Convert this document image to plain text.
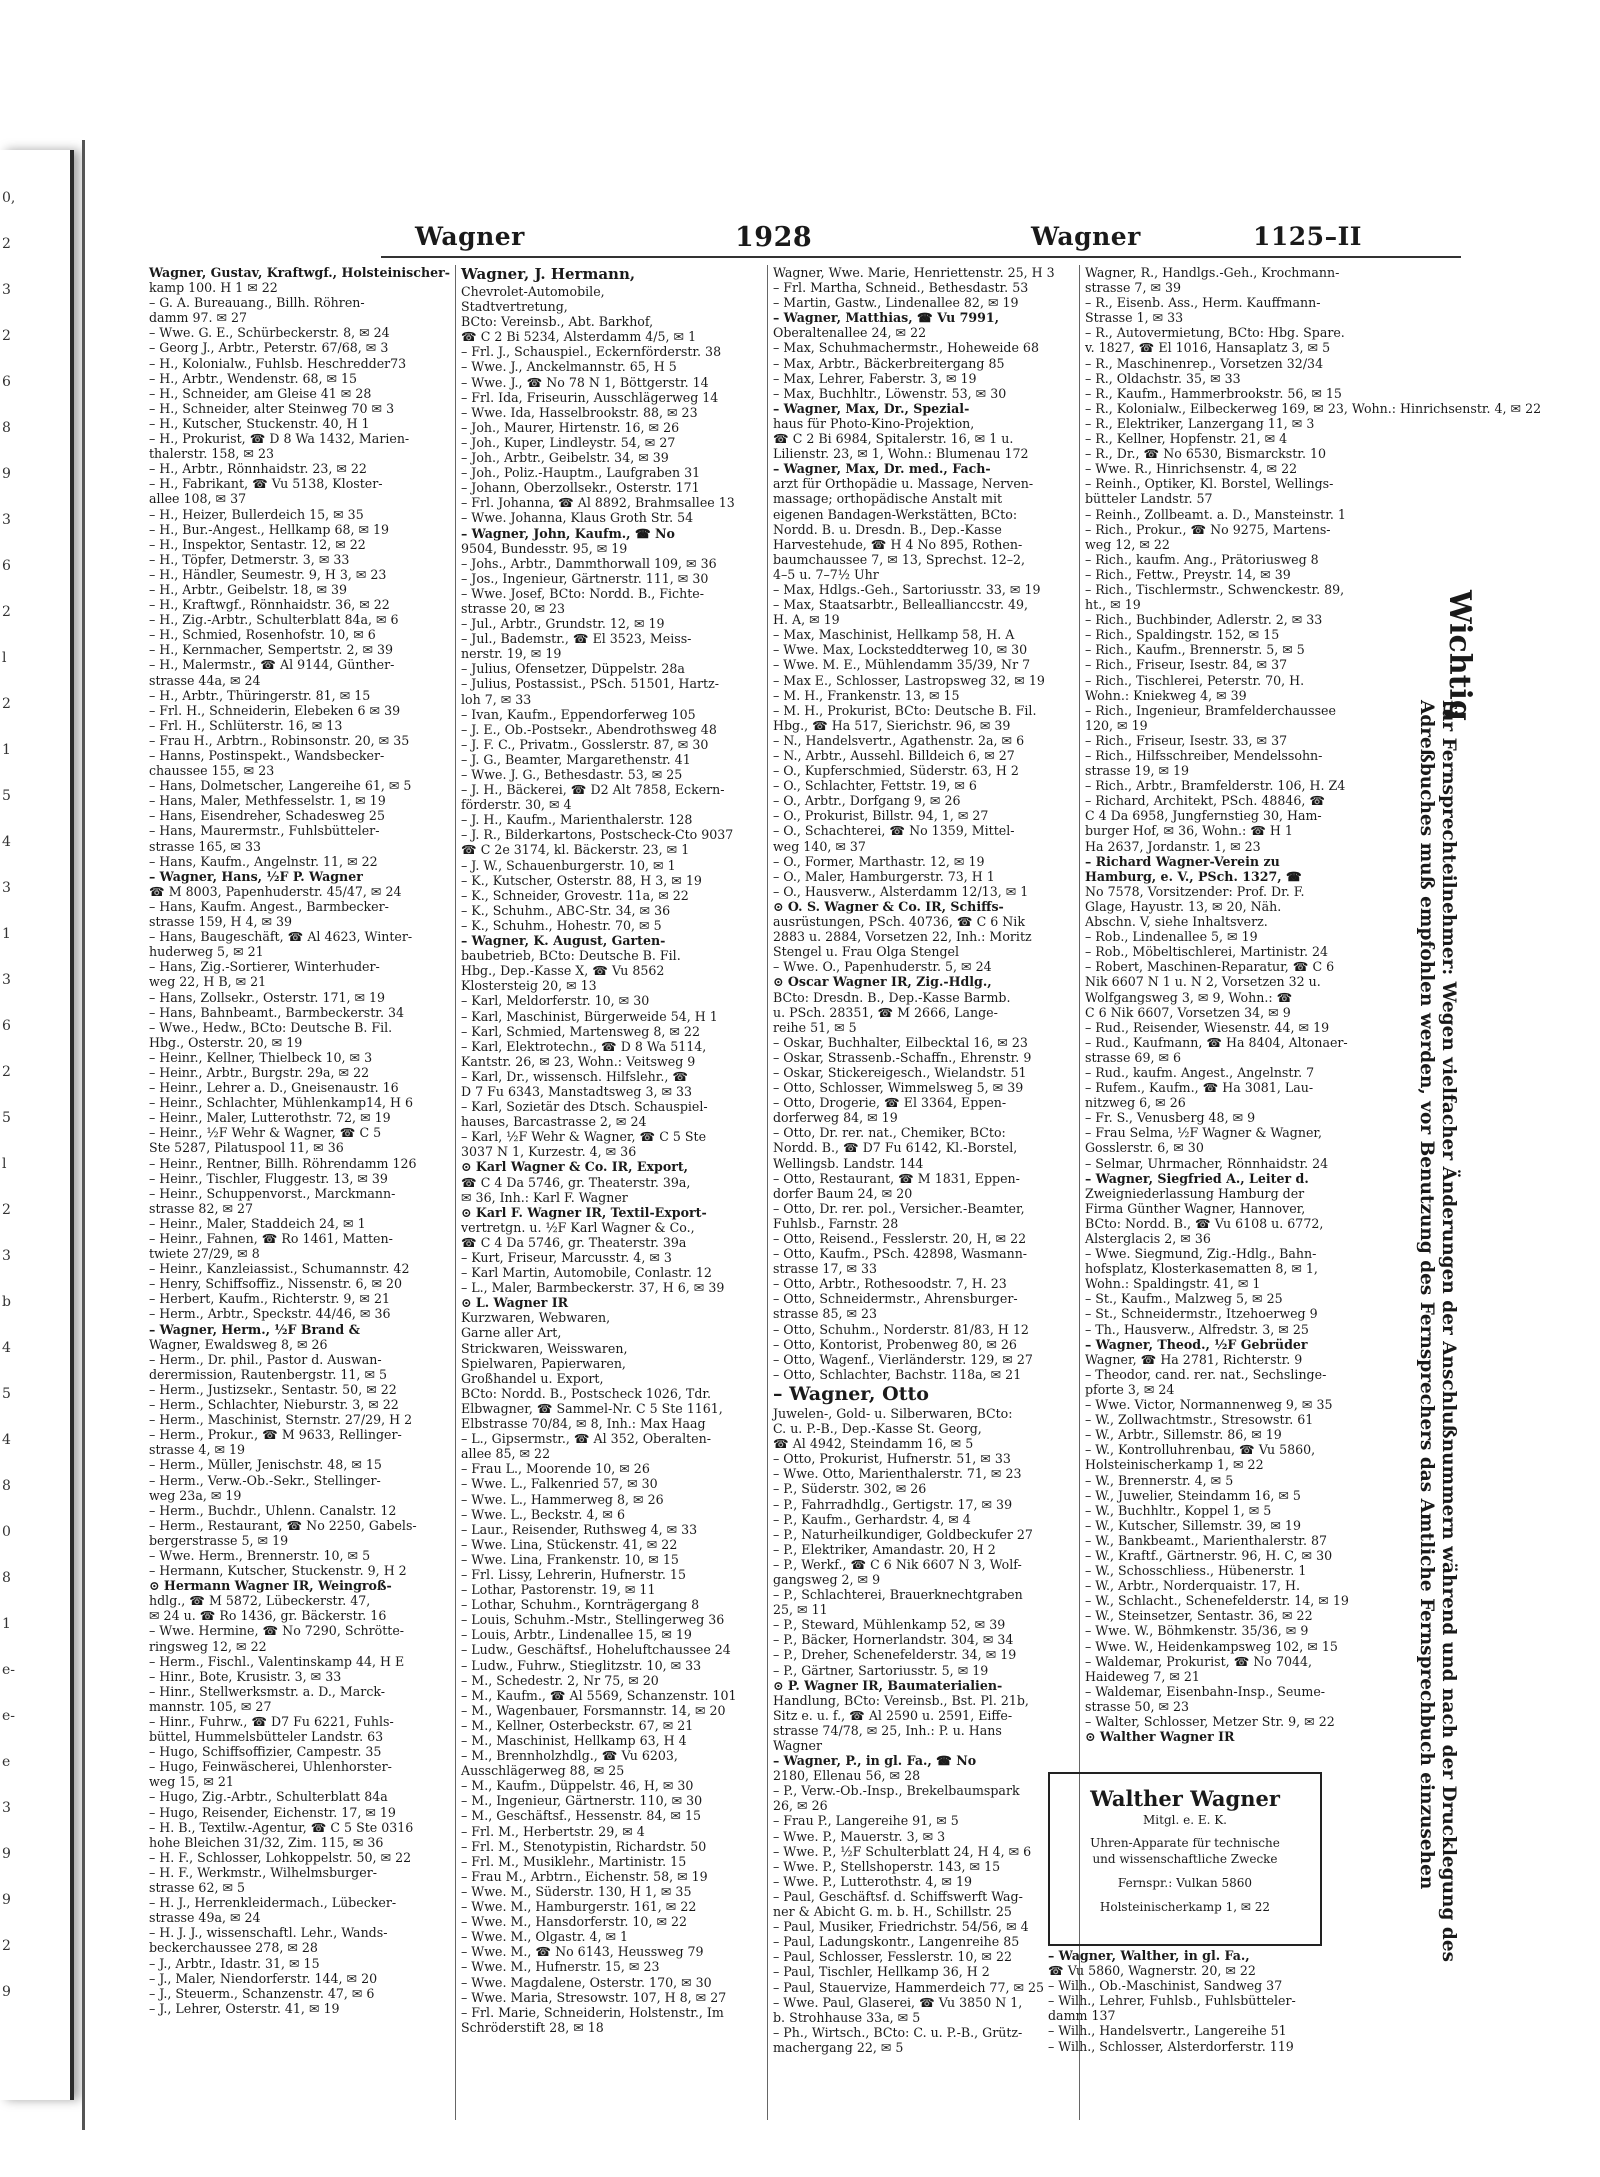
0,
2
3
2
6
8
9
3
6
2
l
2
1
5
4
3
1
3
6
2
5
l
2
3
b
4
5
4
8
0
8
1
e-
e-
e
3
9
9
2
9
Wagner	1928	Wagner	1125–II
Wagner, Gustav, Kraftwgf., Holsteinischer-
kamp 100. H 1 ✉ 22
– G. A. Bureauang., Billh. Röhren-
damm 97. ✉ 27
– Wwe. G. E., Schürbeckerstr. 8, ✉ 24
– Georg J., Arbtr., Peterstr. 67/68, ✉ 3
– H., Kolonialw., Fuhlsb. Heschredder73
– H., Arbtr., Wendenstr. 68, ✉ 15
– H., Schneider, am Gleise 41 ✉ 28
– H., Schneider, alter Steinweg 70 ✉ 3
– H., Kutscher, Stuckenstr. 40, H 1
– H., Prokurist, ☎ D 8 Wa 1432, Marien-
thalerstr. 158, ✉ 23
– H., Arbtr., Rönnhaidstr. 23, ✉ 22
– H., Fabrikant, ☎ Vu 5138, Kloster-
allee 108, ✉ 37
– H., Heizer, Bullerdeich 15, ✉ 35
– H., Bur.-Angest., Hellkamp 68, ✉ 19
– H., Inspektor, Sentastr. 12, ✉ 22
– H., Töpfer, Detmerstr. 3, ✉ 33
– H., Händler, Seumestr. 9, H 3, ✉ 23
– H., Arbtr., Geibelstr. 18, ✉ 39
– H., Kraftwgf., Rönnhaidstr. 36, ✉ 22
– H., Zig.-Arbtr., Schulterblatt 84a, ✉ 6
– H., Schmied, Rosenhofstr. 10, ✉ 6
– H., Kernmacher, Sempertstr. 2, ✉ 39
– H., Malermstr., ☎ Al 9144, Günther-
strasse 44a, ✉ 24
– H., Arbtr., Thüringerstr. 81, ✉ 15
– Frl. H., Schneiderin, Elebeken 6 ✉ 39
– Frl. H., Schlüterstr. 16, ✉ 13
– Frau H., Arbtrn., Robinsonstr. 20, ✉ 35
– Hanns, Postinspekt., Wandsbecker-
chaussee 155, ✉ 23
– Hans, Dolmetscher, Langereihe 61, ✉ 5
– Hans, Maler, Methfesselstr. 1, ✉ 19
– Hans, Eisendreher, Schadesweg 25
– Hans, Maurermstr., Fuhlsbütteler-
strasse 165, ✉ 33
– Hans, Kaufm., Angelnstr. 11, ✉ 22
– Wagner, Hans, ½F P. Wagner
☎ M 8003, Papenhuderstr. 45/47, ✉ 24
– Hans, Kaufm. Angest., Barmbecker-
strasse 159, H 4, ✉ 39
– Hans, Baugeschäft, ☎ Al 4623, Winter-
huderweg 5, ✉ 21
– Hans, Zig.-Sortierer, Winterhuder-
weg 22, H B, ✉ 21
– Hans, Zollsekr., Osterstr. 171, ✉ 19
– Hans, Bahnbeamt., Barmbeckerstr. 34
– Wwe., Hedw., BCto: Deutsche B. Fil.
Hbg., Osterstr. 20, ✉ 19
– Heinr., Kellner, Thielbeck 10, ✉ 3
– Heinr., Arbtr., Burgstr. 29a, ✉ 22
– Heinr., Lehrer a. D., Gneisenaustr. 16
– Heinr., Schlachter, Mühlenkamp14, H 6
– Heinr., Maler, Lutterothstr. 72, ✉ 19
– Heinr., ½F Wehr & Wagner, ☎ C 5
Ste 5287, Pilatuspool 11, ✉ 36
– Heinr., Rentner, Billh. Röhrendamm 126
– Heinr., Tischler, Fluggestr. 13, ✉ 39
– Heinr., Schuppenvorst., Marckmann-
strasse 82, ✉ 27
– Heinr., Maler, Staddeich 24, ✉ 1
– Heinr., Fahnen, ☎ Ro 1461, Matten-
twiete 27/29, ✉ 8
– Heinr., Kanzleiassist., Schumannstr. 42
– Henry, Schiffsoffiz., Nissenstr. 6, ✉ 20
– Herbert, Kaufm., Richterstr. 9, ✉ 21
– Herm., Arbtr., Speckstr. 44/46, ✉ 36
– Wagner, Herm., ½F Brand &
Wagner, Ewaldsweg 8, ✉ 26
– Herm., Dr. phil., Pastor d. Auswan-
derermission, Rautenbergstr. 11, ✉ 5
– Herm., Justizsekr., Sentastr. 50, ✉ 22
– Herm., Schlachter, Nieburstr. 3, ✉ 22
– Herm., Maschinist, Sternstr. 27/29, H 2
– Herm., Prokur., ☎ M 9633, Rellinger-
strasse 4, ✉ 19
– Herm., Müller, Jenischstr. 48, ✉ 15
– Herm., Verw.-Ob.-Sekr., Stellinger-
weg 23a, ✉ 19
– Herm., Buchdr., Uhlenn. Canalstr. 12
– Herm., Restaurant, ☎ No 2250, Gabels-
bergerstrasse 5, ✉ 19
– Wwe. Herm., Brennerstr. 10, ✉ 5
– Hermann, Kutscher, Stuckenstr. 9, H 2
⊙ Hermann Wagner IR, Weingroß-
hdlg., ☎ M 5872, Lübeckerstr. 47,
✉ 24 u. ☎ Ro 1436, gr. Bäckerstr. 16
– Wwe. Hermine, ☎ No 7290, Schrötte-
ringsweg 12, ✉ 22
– Herm., Fischl., Valentinskamp 44, H E
– Hinr., Bote, Krusistr. 3, ✉ 33
– Hinr., Stellwerksmstr. a. D., Marck-
mannstr. 105, ✉ 27
– Hinr., Fuhrw., ☎ D7 Fu 6221, Fuhls-
büttel, Hummelsbütteler Landstr. 63
– Hugo, Schiffsoffizier, Campestr. 35
– Hugo, Feinwäscherei, Uhlenhorster-
weg 15, ✉ 21
– Hugo, Zig.-Arbtr., Schulterblatt 84a
– Hugo, Reisender, Eichenstr. 17, ✉ 19
– H. B., Textilw.-Agentur, ☎ C 5 Ste 0316
hohe Bleichen 31/32, Zim. 115, ✉ 36
– H. F., Schlosser, Lohkoppelstr. 50, ✉ 22
– H. F., Werkmstr., Wilhelmsburger-
strasse 62, ✉ 5
– H. J., Herrenkleidermach., Lübecker-
strasse 49a, ✉ 24
– H. J. J., wissenschaftl. Lehr., Wands-
beckerchaussee 278, ✉ 28
– J., Arbtr., Idastr. 31, ✉ 15
– J., Maler, Niendorferstr. 144, ✉ 20
– J., Steuerm., Schanzenstr. 47, ✉ 6
– J., Lehrer, Osterstr. 41, ✉ 19
Wagner, J. Hermann,
Chevrolet-Automobile,
Stadtvertretung,
BCto: Vereinsb., Abt. Barkhof,
☎ C 2 Bi 5234, Alsterdamm 4/5, ✉ 1
– Frl. J., Schauspiel., Eckernförderstr. 38
– Wwe. J., Anckelmannstr. 65, H 5
– Wwe. J., ☎ No 78 N 1, Böttgerstr. 14
– Frl. Ida, Friseurin, Ausschlägerweg 14
– Wwe. Ida, Hasselbrookstr. 88, ✉ 23
– Joh., Maurer, Hirtenstr. 16, ✉ 26
– Joh., Kuper, Lindleystr. 54, ✉ 27
– Joh., Arbtr., Geibelstr. 34, ✉ 39
– Joh., Poliz.-Hauptm., Laufgraben 31
– Johann, Oberzollsekr., Osterstr. 171
– Frl. Johanna, ☎ Al 8892, Brahmsallee 13
– Wwe. Johanna, Klaus Groth Str. 54
– Wagner, John, Kaufm., ☎ No
9504, Bundesstr. 95, ✉ 19
– Johs., Arbtr., Dammthorwall 109, ✉ 36
– Jos., Ingenieur, Gärtnerstr. 111, ✉ 30
– Wwe. Josef, BCto: Nordd. B., Fichte-
strasse 20, ✉ 23
– Jul., Arbtr., Grundstr. 12, ✉ 19
– Jul., Bademstr., ☎ El 3523, Meiss-
nerstr. 19, ✉ 19
– Julius, Ofensetzer, Düppelstr. 28a
– Julius, Postassist., PSch. 51501, Hartz-
loh 7, ✉ 33
– Ivan, Kaufm., Eppendorferweg 105
– J. E., Ob.-Postsekr., Abendrothsweg 48
– J. F. C., Privatm., Gosslerstr. 87, ✉ 30
– J. G., Beamter, Margarethenstr. 41
– Wwe. J. G., Bethesdastr. 53, ✉ 25
– J. H., Bäckerei, ☎ D2 Alt 7858, Eckern-
förderstr. 30, ✉ 4
– J. H., Kaufm., Marienthalerstr. 128
– J. R., Bilderkartons, Postscheck-Cto 9037
☎ C 2e 3174, kl. Bäckerstr. 23, ✉ 1
– J. W., Schauenburgerstr. 10, ✉ 1
– K., Kutscher, Osterstr. 88, H 3, ✉ 19
– K., Schneider, Grovestr. 11a, ✉ 22
– K., Schuhm., ABC-Str. 34, ✉ 36
– K., Schuhm., Hohestr. 70, ✉ 5
– Wagner, K. August, Garten-
baubetrieb, BCto: Deutsche B. Fil.
Hbg., Dep.-Kasse X, ☎ Vu 8562
Klostersteig 20, ✉ 13
– Karl, Meldorferstr. 10, ✉ 30
– Karl, Maschinist, Bürgerweide 54, H 1
– Karl, Schmied, Martensweg 8, ✉ 22
– Karl, Elektrotechn., ☎ D 8 Wa 5114,
Kantstr. 26, ✉ 23, Wohn.: Veitsweg 9
– Karl, Dr., wissensch. Hilfslehr., ☎
D 7 Fu 6343, Manstadtsweg 3, ✉ 33
– Karl, Sozietär des Dtsch. Schauspiel-
hauses, Barcastrasse 2, ✉ 24
– Karl, ½F Wehr & Wagner, ☎ C 5 Ste
3037 N 1, Kurzestr. 4, ✉ 36
⊙ Karl Wagner & Co. IR, Export,
☎ C 4 Da 5746, gr. Theaterstr. 39a,
✉ 36, Inh.: Karl F. Wagner
⊙ Karl F. Wagner IR, Textil-Export-
vertretgn. u. ½F Karl Wagner & Co.,
☎ C 4 Da 5746, gr. Theaterstr. 39a
– Kurt, Friseur, Marcusstr. 4, ✉ 3
– Karl Martin, Automobile, Conlastr. 12
– L., Maler, Barmbeckerstr. 37, H 6, ✉ 39
⊙ L. Wagner IR
Kurzwaren, Webwaren,
Garne aller Art,
Strickwaren, Weisswaren,
Spielwaren, Papierwaren,
Großhandel u. Export,
BCto: Nordd. B., Postscheck 1026, Tdr.
Elbwagner, ☎ Sammel-Nr. C 5 Ste 1161,
Elbstrasse 70/84, ✉ 8, Inh.: Max Haag
– L., Gipsermstr., ☎ Al 352, Oberalten-
allee 85, ✉ 22
– Frau L., Moorende 10, ✉ 26
– Wwe. L., Falkenried 57, ✉ 30
– Wwe. L., Hammerweg 8, ✉ 26
– Wwe. L., Beckstr. 4, ✉ 6
– Laur., Reisender, Ruthsweg 4, ✉ 33
– Wwe. Lina, Stückenstr. 41, ✉ 22
– Wwe. Lina, Frankenstr. 10, ✉ 15
– Frl. Lissy, Lehrerin, Hufnerstr. 15
– Lothar, Pastorenstr. 19, ✉ 11
– Lothar, Schuhm., Kornträgergang 8
– Louis, Schuhm.-Mstr., Stellingerweg 36
– Louis, Arbtr., Lindenallee 15, ✉ 19
– Ludw., Geschäftsf., Hoheluftchaussee 24
– Ludw., Fuhrw., Stieglitzstr. 10, ✉ 33
– M., Schedestr. 2, Nr 75, ✉ 20
– M., Kaufm., ☎ Al 5569, Schanzenstr. 101
– M., Wagenbauer, Forsmannstr. 14, ✉ 20
– M., Kellner, Osterbeckstr. 67, ✉ 21
– M., Maschinist, Hellkamp 63, H 4
– M., Brennholzhdlg., ☎ Vu 6203,
Ausschlägerweg 88, ✉ 25
– M., Kaufm., Düppelstr. 46, H, ✉ 30
– M., Ingenieur, Gärtnerstr. 110, ✉ 30
– M., Geschäftsf., Hessenstr. 84, ✉ 15
– Frl. M., Herbertstr. 29, ✉ 4
– Frl. M., Stenotypistin, Richardstr. 50
– Frl. M., Musiklehr., Martinistr. 15
– Frau M., Arbtrn., Eichenstr. 58, ✉ 19
– Wwe. M., Süderstr. 130, H 1, ✉ 35
– Wwe. M., Hamburgerstr. 161, ✉ 22
– Wwe. M., Hansdorferstr. 10, ✉ 22
– Wwe. M., Olgastr. 4, ✉ 1
– Wwe. M., ☎ No 6143, Heussweg 79
– Wwe. M., Hufnerstr. 15, ✉ 23
– Wwe. Magdalene, Osterstr. 170, ✉ 30
– Wwe. Maria, Stresowstr. 107, H 8, ✉ 27
– Frl. Marie, Schneiderin, Holstenstr., Im
Schröderstift 28, ✉ 18
Wagner, Wwe. Marie, Henriettenstr. 25, H 3
– Frl. Martha, Schneid., Bethesdastr. 53
– Martin, Gastw., Lindenallee 82, ✉ 19
– Wagner, Matthias, ☎ Vu 7991,
Oberaltenallee 24, ✉ 22
– Max, Schuhmachermstr., Hoheweide 68
– Max, Arbtr., Bäckerbreitergang 85
– Max, Lehrer, Faberstr. 3, ✉ 19
– Max, Buchhltr., Löwenstr. 53, ✉ 30
– Wagner, Max, Dr., Spezial-
haus für Photo-Kino-Projektion,
☎ C 2 Bi 6984, Spitalerstr. 16, ✉ 1 u.
Lilienstr. 23, ✉ 1, Wohn.: Blumenau 172
– Wagner, Max, Dr. med., Fach-
arzt für Orthopädie u. Massage, Nerven-
massage; orthopädische Anstalt mit
eigenen Bandagen-Werkstätten, BCto:
Nordd. B. u. Dresdn. B., Dep.-Kasse
Harvestehude, ☎ H 4 No 895, Rothen-
baumchaussee 7, ✉ 13, Sprechst. 12–2,
4–5 u. 7–7½ Uhr
– Max, Hdlgs.-Geh., Sartoriusstr. 33, ✉ 19
– Max, Staatsarbtr., Belleallianccstr. 49,
H. A, ✉ 19
– Max, Maschinist, Hellkamp 58, H. A
– Wwe. Max, Locksteddterweg 10, ✉ 30
– Wwe. M. E., Mühlendamm 35/39, Nr 7
– Max E., Schlosser, Lastropsweg 32, ✉ 19
– M. H., Frankenstr. 13, ✉ 15
– M. H., Prokurist, BCto: Deutsche B. Fil.
Hbg., ☎ Ha 517, Sierichstr. 96, ✉ 39
– N., Handelsvertr., Agathenstr. 2a, ✉ 6
– N., Arbtr., Aussehl. Billdeich 6, ✉ 27
– O., Kupferschmied, Süderstr. 63, H 2
– O., Schlachter, Fettstr. 19, ✉ 6
– O., Arbtr., Dorfgang 9, ✉ 26
– O., Prokurist, Billstr. 94, 1, ✉ 27
– O., Schachterei, ☎ No 1359, Mittel-
weg 140, ✉ 37
– O., Former, Marthastr. 12, ✉ 19
– O., Maler, Hamburgerstr. 73, H 1
– O., Hausverw., Alsterdamm 12/13, ✉ 1
⊙ O. S. Wagner & Co. IR, Schiffs-
ausrüstungen, PSch. 40736, ☎ C 6 Nik
2883 u. 2884, Vorsetzen 22, Inh.: Moritz
Stengel u. Frau Olga Stengel
– Wwe. O., Papenhuderstr. 5, ✉ 24
⊙ Oscar Wagner IR, Zig.-Hdlg.,
BCto: Dresdn. B., Dep.-Kasse Barmb.
u. PSch. 28351, ☎ M 2666, Lange-
reihe 51, ✉ 5
– Oskar, Buchhalter, Eilbecktal 16, ✉ 23
– Oskar, Strassenb.-Schaffn., Ehrenstr. 9
– Oskar, Stickereigesch., Wielandstr. 51
– Otto, Schlosser, Wimmelsweg 5, ✉ 39
– Otto, Drogerie, ☎ El 3364, Eppen-
dorferweg 84, ✉ 19
– Otto, Dr. rer. nat., Chemiker, BCto:
Nordd. B., ☎ D7 Fu 6142, Kl.-Borstel,
Wellingsb. Landstr. 144
– Otto, Restaurant, ☎ M 1831, Eppen-
dorfer Baum 24, ✉ 20
– Otto, Dr. rer. pol., Versicher.-Beamter,
Fuhlsb., Farnstr. 28
– Otto, Reisend., Fesslerstr. 20, H, ✉ 22
– Otto, Kaufm., PSch. 42898, Wasmann-
strasse 17, ✉ 33
– Otto, Arbtr., Rothesoodstr. 7, H. 23
– Otto, Schneidermstr., Ahrensburger-
strasse 85, ✉ 23
– Otto, Schuhm., Norderstr. 81/83, H 12
– Otto, Kontorist, Probenweg 80, ✉ 26
– Otto, Wagenf., Vierländerstr. 129, ✉ 27
– Otto, Schlachter, Bachstr. 118a, ✉ 21
– Wagner, Otto
Juwelen-, Gold- u. Silberwaren, BCto:
C. u. P.-B., Dep.-Kasse St. Georg,
☎ Al 4942, Steindamm 16, ✉ 5
– Otto, Prokurist, Hufnerstr. 51, ✉ 33
– Wwe. Otto, Marienthalerstr. 71, ✉ 23
– P., Süderstr. 302, ✉ 26
– P., Fahrradhdlg., Gertigstr. 17, ✉ 39
– P., Kaufm., Gerhardstr. 4, ✉ 4
– P., Naturheilkundiger, Goldbeckufer 27
– P., Elektriker, Amandastr. 20, H 2
– P., Werkf., ☎ C 6 Nik 6607 N 3, Wolf-
gangsweg 2, ✉ 9
– P., Schlachterei, Brauerknechtgraben
25, ✉ 11
– P., Steward, Mühlenkamp 52, ✉ 39
– P., Bäcker, Hornerlandstr. 304, ✉ 34
– P., Dreher, Schenefelderstr. 34, ✉ 19
– P., Gärtner, Sartoriusstr. 5, ✉ 19
⊙ P. Wagner IR, Baumaterialien-
Handlung, BCto: Vereinsb., Bst. Pl. 21b,
Sitz e. u. f., ☎ Al 2590 u. 2591, Eiffe-
strasse 74/78, ✉ 25, Inh.: P. u. Hans
Wagner
– Wagner, P., in gl. Fa., ☎ No
2180, Ellenau 56, ✉ 28
– P., Verw.-Ob.-Insp., Brekelbaumspark
26, ✉ 26
– Frau P., Langereihe 91, ✉ 5
– Wwe. P., Mauerstr. 3, ✉ 3
– Wwe. P., ½F Schulterblatt 24, H 4, ✉ 6
– Wwe. P., Stellshoperstr. 143, ✉ 15
– Wwe. P., Lutterothstr. 4, ✉ 19
– Paul, Geschäftsf. d. Schiffswerft Wag-
ner & Abicht G. m. b. H., Schillstr. 25
– Paul, Musiker, Friedrichstr. 54/56, ✉ 4
– Paul, Ladungskontr., Langenreihe 85
– Paul, Schlosser, Fesslerstr. 10, ✉ 22
– Paul, Tischler, Hellkamp 36, H 2
– Paul, Stauervize, Hammerdeich 77, ✉ 25
– Wwe. Paul, Glaserei, ☎ Vu 3850 N 1,
b. Strohhause 33a, ✉ 5
– Ph., Wirtsch., BCto: C. u. P.-B., Grütz-
machergang 22, ✉ 5
Wagner, R., Handlgs.-Geh., Krochmann-
strasse 7, ✉ 39
– R., Eisenb. Ass., Herm. Kauffmann-
Strasse 1, ✉ 33
– R., Autovermietung, BCto: Hbg. Spare.
v. 1827, ☎ El 1016, Hansaplatz 3, ✉ 5
– R., Maschinenrep., Vorsetzen 32/34
– R., Oldachstr. 35, ✉ 33
– R., Kaufm., Hammerbrookstr. 56, ✉ 15
– R., Kolonialw., Eilbeckerweg 169, ✉ 23, Wohn.: Hinrichsenstr. 4, ✉ 22
– R., Elektriker, Lanzergang 11, ✉ 3
– R., Kellner, Hopfenstr. 21, ✉ 4
– R., Dr., ☎ No 6530, Bismarckstr. 10
– Wwe. R., Hinrichsenstr. 4, ✉ 22
– Reinh., Optiker, Kl. Borstel, Wellings-
bütteler Landstr. 57
– Reinh., Zollbeamt. a. D., Mansteinstr. 1
– Rich., Prokur., ☎ No 9275, Martens-
weg 12, ✉ 22
– Rich., kaufm. Ang., Prätoriusweg 8
– Rich., Fettw., Preystr. 14, ✉ 39
– Rich., Tischlermstr., Schwenckestr. 89,
ht., ✉ 19
– Rich., Buchbinder, Adlerstr. 2, ✉ 33
– Rich., Spaldingstr. 152, ✉ 15
– Rich., Kaufm., Brennerstr. 5, ✉ 5
– Rich., Friseur, Isestr. 84, ✉ 37
– Rich., Tischlerei, Peterstr. 70, H.
Wohn.: Kniekweg 4, ✉ 39
– Rich., Ingenieur, Bramfelderchaussee
120, ✉ 19
– Rich., Friseur, Isestr. 33, ✉ 37
– Rich., Hilfsschreiber, Mendelssohn-
strasse 19, ✉ 19
– Rich., Arbtr., Bramfelderstr. 106, H. Z4
– Richard, Architekt, PSch. 48846, ☎
C 4 Da 6958, Jungfernstieg 30, Ham-
burger Hof, ✉ 36, Wohn.: ☎ H 1
Ha 2637, Jordanstr. 1, ✉ 23
– Richard Wagner-Verein zu
Hamburg, e. V., PSch. 1327, ☎
No 7578, Vorsitzender: Prof. Dr. F.
Glage, Hayustr. 13, ✉ 20, Näh.
Abschn. V, siehe Inhaltsverz.
– Rob., Lindenallee 5, ✉ 19
– Rob., Möbeltischlerei, Martinistr. 24
– Robert, Maschinen-Reparatur, ☎ C 6
Nik 6607 N 1 u. N 2, Vorsetzen 32 u.
Wolfgangsweg 3, ✉ 9, Wohn.: ☎
C 6 Nik 6607, Vorsetzen 34, ✉ 9
– Rud., Reisender, Wiesenstr. 44, ✉ 19
– Rud., Kaufmann, ☎ Ha 8404, Altonaer-
strasse 69, ✉ 6
– Rud., kaufm. Angest., Angelnstr. 7
– Rufem., Kaufm., ☎ Ha 3081, Lau-
nitzweg 6, ✉ 26
– Fr. S., Venusberg 48, ✉ 9
– Frau Selma, ½F Wagner & Wagner,
Gosslerstr. 6, ✉ 30
– Selmar, Uhrmacher, Rönnhaidstr. 24
– Wagner, Siegfried A., Leiter d.
Zweigniederlassung Hamburg der
Firma Günther Wagner, Hannover,
BCto: Nordd. B., ☎ Vu 6108 u. 6772,
Alsterglacis 2, ✉ 36
– Wwe. Siegmund, Zig.-Hdlg., Bahn-
hofsplatz, Klosterkasematten 8, ✉ 1,
Wohn.: Spaldingstr. 41, ✉ 1
– St., Kaufm., Malzweg 5, ✉ 25
– St., Schneidermstr., Itzehoerweg 9
– Th., Hausverw., Alfredstr. 3, ✉ 25
– Wagner, Theod., ½F Gebrüder
Wagner, ☎ Ha 2781, Richterstr. 9
– Theodor, cand. rer. nat., Sechslinge-
pforte 3, ✉ 24
– Wwe. Victor, Normannenweg 9, ✉ 35
– W., Zollwachtmstr., Stresowstr. 61
– W., Arbtr., Sillemstr. 86, ✉ 19
– W., Kontrolluhrenbau, ☎ Vu 5860,
Holsteinischerkamp 1, ✉ 22
– W., Brennerstr. 4, ✉ 5
– W., Juwelier, Steindamm 16, ✉ 5
– W., Buchhltr., Koppel 1, ✉ 5
– W., Kutscher, Sillemstr. 39, ✉ 19
– W., Bankbeamt., Marienthalerstr. 87
– W., Kraftf., Gärtnerstr. 96, H. C, ✉ 30
– W., Schosschliess., Hübenerstr. 1
– W., Arbtr., Norderquaistr. 17, H.
– W., Schlacht., Schenefelderstr. 14, ✉ 19
– W., Steinsetzer, Sentastr. 36, ✉ 22
– Wwe. W., Böhmkenstr. 35/36, ✉ 9
– Wwe. W., Heidenkampsweg 102, ✉ 15
– Waldemar, Prokurist, ☎ No 7044,
Haideweg 7, ✉ 21
– Waldemar, Eisenbahn-Insp., Seume-
strasse 50, ✉ 23
– Walter, Schlosser, Metzer Str. 9, ✉ 22
⊙ Walther Wagner IR
Wichtig
für Fernsprechteilnehmer: Wegen vielfacher Änderungen der Anschlußnummern während und nach der Drucklegung des Adreßbuches muß empfohlen werden, vor Benutzung des Fernsprechers das Amtliche Fernsprechbuch einzusehen
Walther Wagner
Mitgl. e. E. K.
Uhren-Apparate für technische
und wissenschaftliche Zwecke
Fernspr.: Vulkan 5860
Holsteinischerkamp 1, ✉ 22
– Wagner, Walther, in gl. Fa.,
☎ Vu 5860, Wagnerstr. 20, ✉ 22
– Wilh., Ob.-Maschinist, Sandweg 37
– Wilh., Lehrer, Fuhlsb., Fuhlsbütteler-
damm 137
– Wilh., Handelsvertr., Langereihe 51
– Wilh., Schlosser, Alsterdorferstr. 119
